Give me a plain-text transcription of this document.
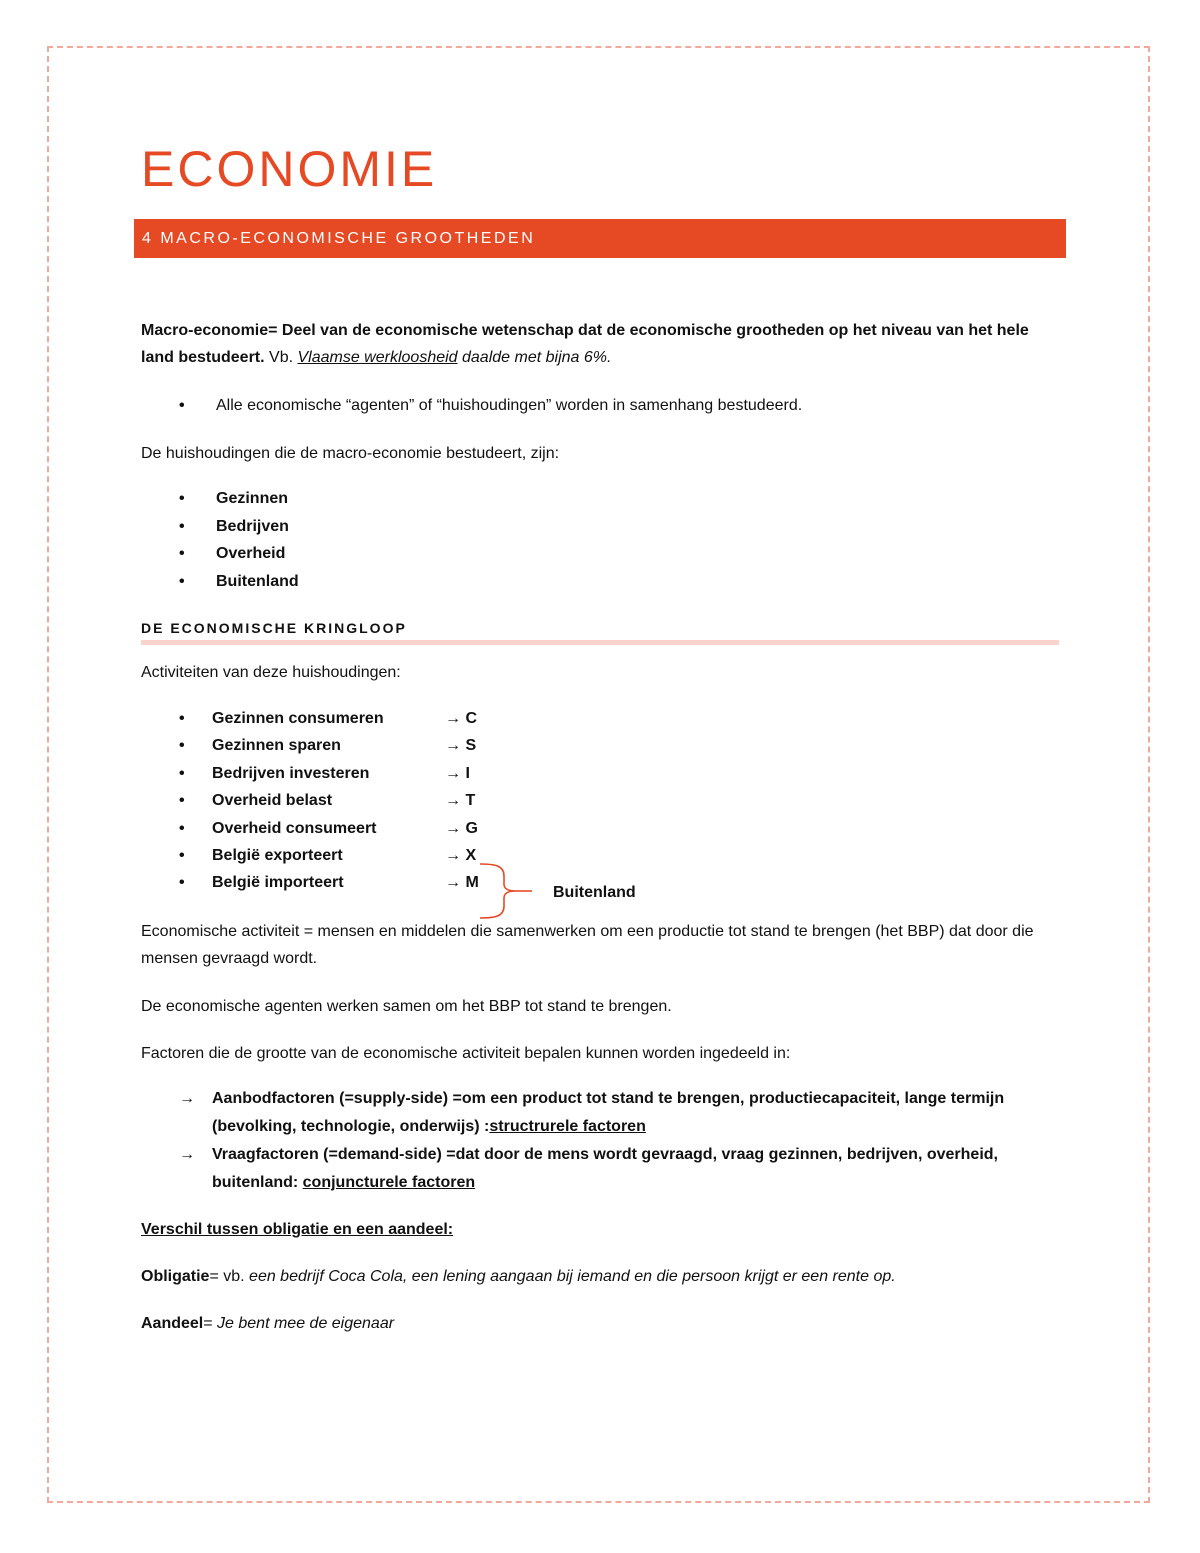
ECONOMIE
4 MACRO-ECONOMISCHE GROOTHEDEN

Macro-economie= Deel van de economische wetenschap dat de economische grootheden op het niveau van het hele land bestudeert. Vb. Vlaamse werkloosheid daalde met bijna 6%.

• Alle economische “agenten” of “huishoudingen” worden in samenhang bestudeerd.

De huishoudingen die de macro-economie bestudeert, zijn:

• Gezinnen
• Bedrijven
• Overheid
• Buitenland
DE ECONOMISCHE KRINGLOOP

Activiteiten van deze huishoudingen:

• Gezinnen consumeren	→ C
• Gezinnen sparen	→ S
• Bedrijven investeren	→ I
• Overheid belast	→ T
• Overheid consumeert	→ G
• België exporteert	→ X
• België importeert	→ M
Buitenland

Economische activiteit = mensen en middelen die samenwerken om een productie tot stand te brengen (het BBP) dat door die mensen gevraagd wordt.

De economische agenten werken samen om het BBP tot stand te brengen.

Factoren die de grootte van de economische activiteit bepalen kunnen worden ingedeeld in:

→ Aanbodfactoren (=supply-side) =om een product tot stand te brengen, productiecapaciteit, lange termijn (bevolking, technologie, onderwijs) :structrurele factoren
→ Vraagfactoren (=demand-side) =dat door de mens wordt gevraagd, vraag gezinnen, bedrijven, overheid, buitenland: conjuncturele factoren

Verschil tussen obligatie en een aandeel:

Obligatie= vb. een bedrijf Coca Cola, een lening aangaan bij iemand en die persoon krijgt er een rente op.

Aandeel= Je bent mee de eigenaar
